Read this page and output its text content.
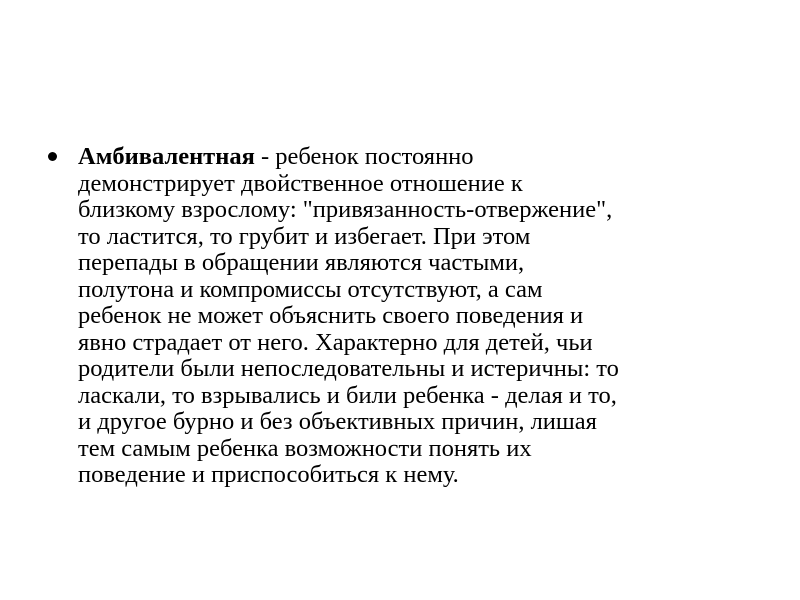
Амбивалентная - ребенок постоянно
демонстрирует двойственное отношение к
близкому взрослому: "привязанность-отвержение",
то ластится, то грубит и избегает. При этом
перепады в обращении являются частыми,
полутона и компромиссы отсутствуют, а сам
ребенок не может объяснить своего поведения и
явно страдает от него. Характерно для детей, чьи
родители были непоследовательны и истеричны: то
ласкали, то взрывались и били ребенка - делая и то,
и другое бурно и без объективных причин, лишая
тем самым ребенка возможности понять их
поведение и приспособиться к нему.
